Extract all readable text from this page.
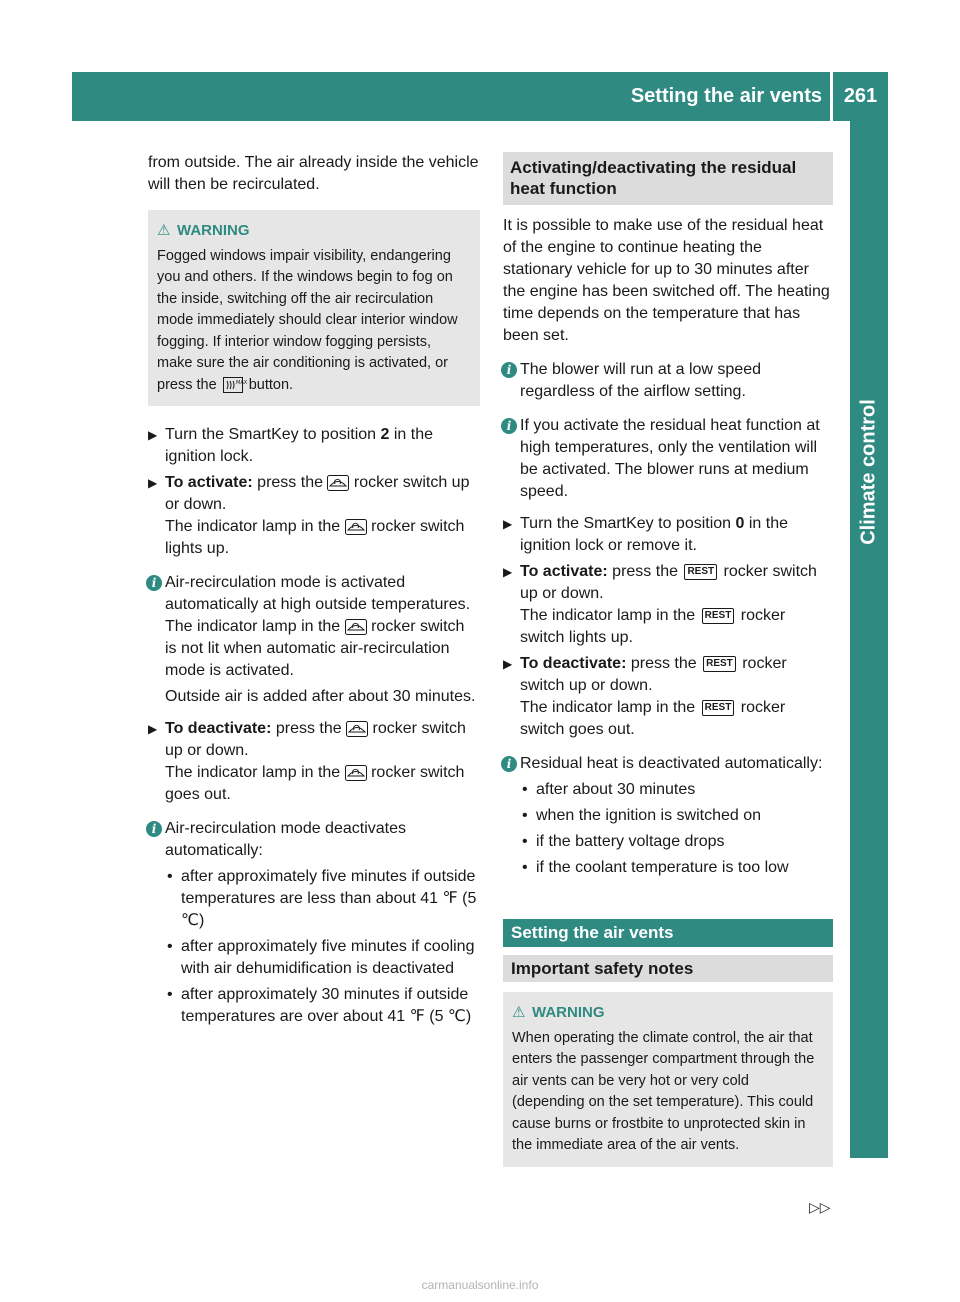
Setting the air vents	261
Climate control

from outside. The air already inside the vehicle will then be recirculated.

⚠ WARNING
Fogged windows impair visibility, endangering you and others. If the windows begin to fog on the inside, switching off the air recirculation mode immediately should clear interior window fogging. If interior window fogging persists, make sure the air conditioning is activated, or press the	MAX button.
▶ Turn the SmartKey to position 2 in the ignition lock.
▶ To activate: press the  rocker switch up or down.
The indicator lamp in the  rocker switch lights up.
i Air-recirculation mode is activated automatically at high outside temperatures. The indicator lamp in the  rocker switch is not lit when automatic air-recirculation mode is activated.

Outside air is added after about 30 minutes.

▶ To deactivate: press the  rocker switch up or down.
The indicator lamp in the  rocker switch goes out.
i Air-recirculation mode deactivates automatically:
• after approximately five minutes if outside temperatures are less than about 41 ℉ (5 ℃)
• after approximately five minutes if cooling with air dehumidification is deactivated
• after approximately 30 minutes if outside temperatures are over about 41 ℉ (5 ℃)
Activating/deactivating the residual heat function

It is possible to make use of the residual heat of the engine to continue heating the stationary vehicle for up to 30 minutes after the engine has been switched off. The heating time depends on the temperature that has been set.

i The blower will run at a low speed regardless of the airflow setting.
i If you activate the residual heat function at high temperatures, only the ventilation will be activated. The blower runs at medium speed.
▶ Turn the SmartKey to position 0 in the ignition lock or remove it.
▶ To activate: press the REST rocker switch up or down.
The indicator lamp in the REST rocker switch lights up.
▶ To deactivate: press the REST rocker switch up or down.
The indicator lamp in the REST rocker switch goes out.
i Residual heat is deactivated automatically:
• after about 30 minutes
• when the ignition is switched on
• if the battery voltage drops
• if the coolant temperature is too low
Setting the air vents
Important safety notes
⚠ WARNING
When operating the climate control, the air that enters the passenger compartment through the air vents can be very hot or very cold (depending on the set temperature). This could cause burns or frostbite to unprotected skin in the immediate area of the air vents.
▷▷
carmanualsonline.info
